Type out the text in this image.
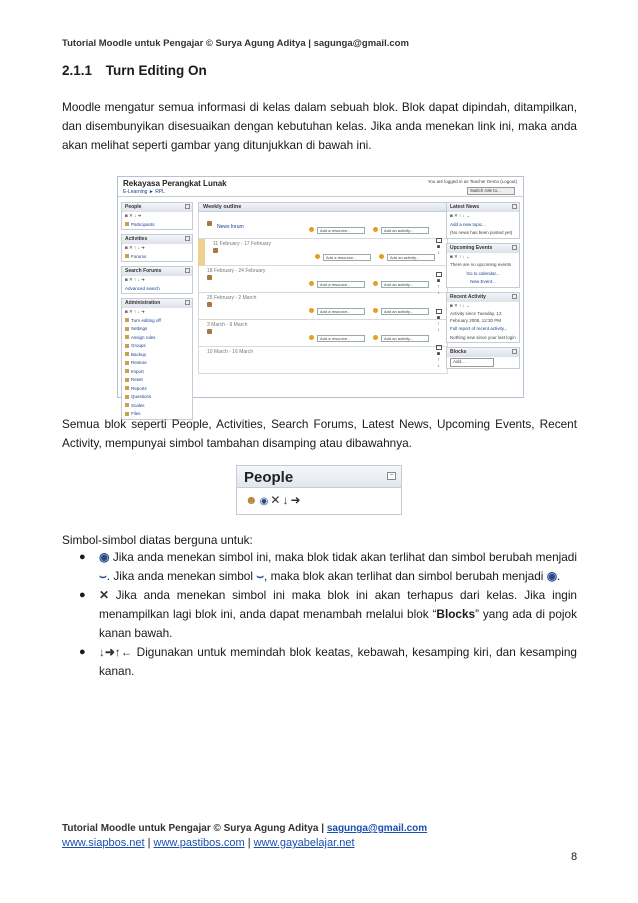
Tutorial Moodle untuk Pengajar © Surya Agung Aditya | sagunga@gmail.com
2.1.1 Turn Editing On

Moodle mengatur semua informasi di kelas dalam sebuah blok. Blok dapat dipindah, ditampilkan, dan disembunyikan disesuaikan dengan kebutuhan kelas. Jika anda menekan link ini, maka anda akan melihat seperti gambar yang ditunjukkan di bawah ini.

Rekayasa Perangkat Lunak
E-Learning ► RPL
You are logged in as Teacher Demo (Logout)
Switch role to...
People
◙ ✕ ↓ ➜
Participants
Activities
◙ ✕ ↑ ↓ ➜
Forums
Search Forums
◙ ✕ ↑ ↓ ➜
Advanced search
Administration
◙ ✕ ↑ ↓ ➜
Turn editing off
Settings
Assign roles
Groups
Backup
Restore
Import
Reset
Reports
Questions
Scales
Files
Weekly outline
News forum
Add a resource...	Add an activity...
11 February - 17 February
Add a resource...	Add an activity...
18 February - 24 February
Add a resource...	Add an activity...
25 February - 2 March
Add a resource...	Add an activity...
3 March - 9 March
Add a resource...	Add an activity...
10 March - 16 March
◙
↓
◙
↑
↓
◙
↑
↓
◙
↑
↓
Latest News
◙ ✕ ↑ ↓ ←
Add a new topic...
(No news has been posted yet)
Upcoming Events
◙ ✕ ↑ ↓ ←
There are no upcoming events
Go to calendar...
New Event...
Recent Activity
◙ ✕ ↑ ↓ ←
Activity since Tuesday, 12 February 2008, 12:30 PM
Full report of recent activity...
Nothing new since your last login
Blocks
Add...

Semua blok seperti People, Activities, Search Forums, Latest News, Upcoming Events, Recent Activity, mempunyai simbol tambahan disamping atau dibawahnya.

People	−
☻◉✕↓➜

Simbol-simbol diatas berguna untuk:

● ◉ Jika anda menekan simbol ini, maka blok tidak akan terlihat dan simbol berubah menjadi ⌣. Jika anda menekan simbol ⌣, maka blok akan terlihat dan simbol berubah menjadi ◉.
● ✕ Jika anda menekan simbol ini maka blok ini akan terhapus dari kelas. Jika ingin menampilkan lagi blok ini, anda dapat menambah melalui blok “Blocks” yang ada di pojok kanan bawah.
● ↓➜↑← Digunakan untuk memindah blok keatas, kebawah, kesamping kiri, dan kesamping kanan.
Tutorial Moodle untuk Pengajar © Surya Agung Aditya | sagunga@gmail.com
www.siapbos.net | www.pastibos.com | www.gayabelajar.net
8
